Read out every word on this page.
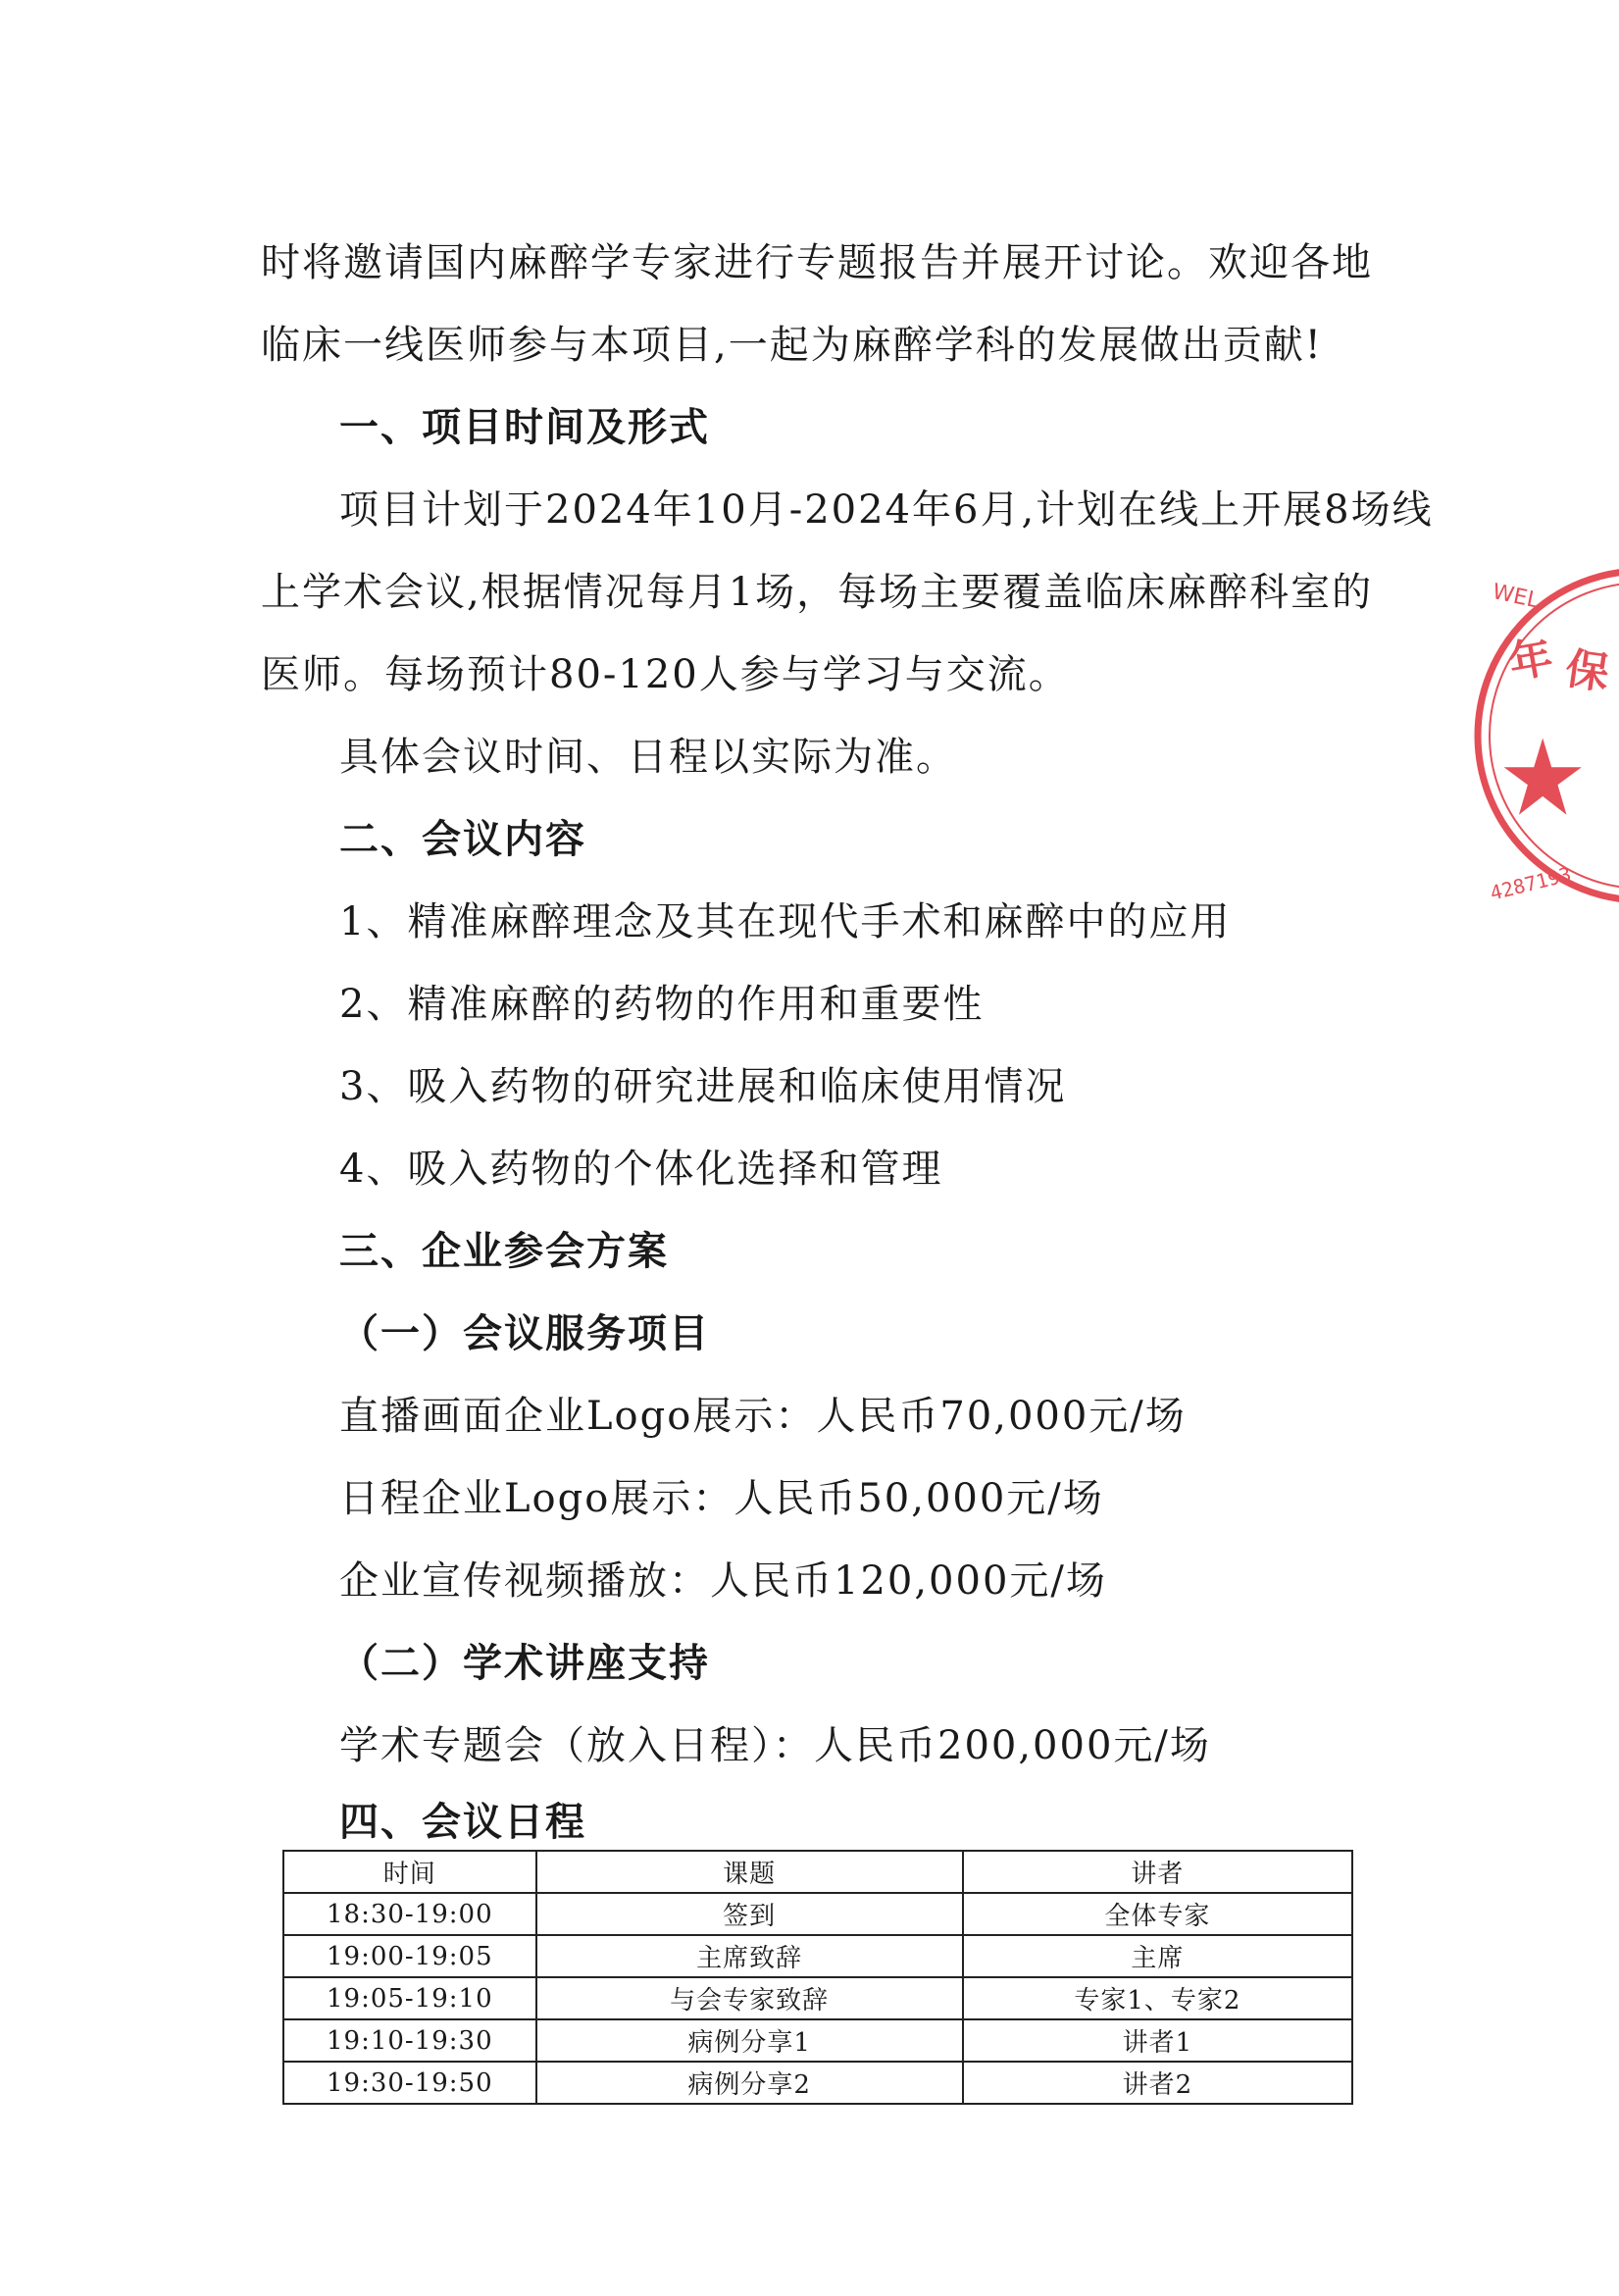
时将邀请国内麻醉学专家进行专题报告并展开讨论。欢迎各地
临床一线医师参与本项目,一起为麻醉学科的发展做出贡献!
一、项目时间及形式
项目计划于2024年10月-2024年6月,计划在线上开展8场线
上学术会议,根据情况每月1场，每场主要覆盖临床麻醉科室的
医师。每场预计80-120人参与学习与交流。
具体会议时间、日程以实际为准。
二、会议内容
1、精准麻醉理念及其在现代手术和麻醉中的应用
2、精准麻醉的药物的作用和重要性
3、吸入药物的研究进展和临床使用情况
4、吸入药物的个体化选择和管理
三、企业参会方案
（一）会议服务项目
直播画面企业Logo展示：人民币70,000元/场
日程企业Logo展示：人民币50,000元/场
企业宣传视频播放：人民币120,000元/场
（二）学术讲座支持
学术专题会（放入日程）：人民币200,000元/场
四、会议日程
时间	课题	讲者
18:30-19:00	签到	全体专家
19:00-19:05	主席致辞	主席
19:05-19:10	与会专家致辞	专家1、专家2
19:10-19:30	病例分享1	讲者1
19:30-19:50	病例分享2	讲者2
WEL
年 保
4287193
